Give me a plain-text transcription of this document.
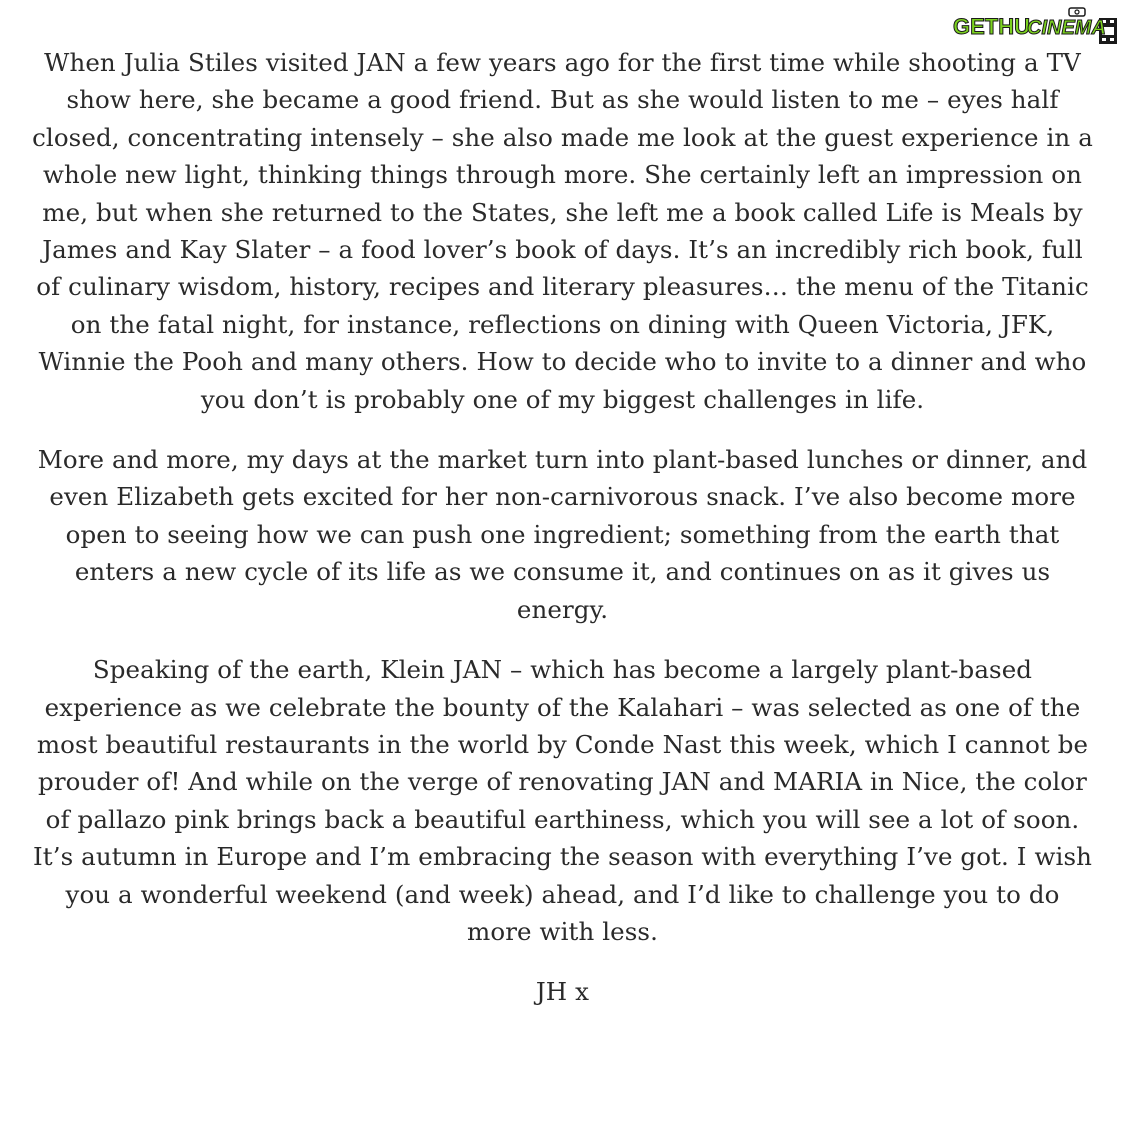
GETHU
CINEMA

When Julia Stiles visited JAN a few years ago for the first time while shooting a TV show here, she became a good friend. But as she would listen to me – eyes half closed, concentrating intensely – she also made me look at the guest experience in a whole new light, thinking things through more. She certainly left an impression on me, but when she returned to the States, she left me a book called Life is Meals by James and Kay Slater – a food lover’s book of days. It’s an incredibly rich book, full of culinary wisdom, history, recipes and literary pleasures… the menu of the Titanic on the fatal night, for instance, reflections on dining with Queen Victoria, JFK, Winnie the Pooh and many others. How to decide who to invite to a dinner and who you don’t is probably one of my biggest challenges in life.

More and more, my days at the market turn into plant-based lunches or dinner, and even Elizabeth gets excited for her non-carnivorous snack. I’ve also become more open to seeing how we can push one ingredient; something from the earth that enters a new cycle of its life as we consume it, and continues on as it gives us energy.

Speaking of the earth, Klein JAN – which has become a largely plant-based experience as we celebrate the bounty of the Kalahari – was selected as one of the most beautiful restaurants in the world by Conde Nast this week, which I cannot be prouder of! And while on the verge of renovating JAN and MARIA in Nice, the color of pallazo pink brings back a beautiful earthiness, which you will see a lot of soon. It’s autumn in Europe and I’m embracing the season with everything I’ve got. I wish you a wonderful weekend (and week) ahead, and I’d like to challenge you to do more with less.

JH x
